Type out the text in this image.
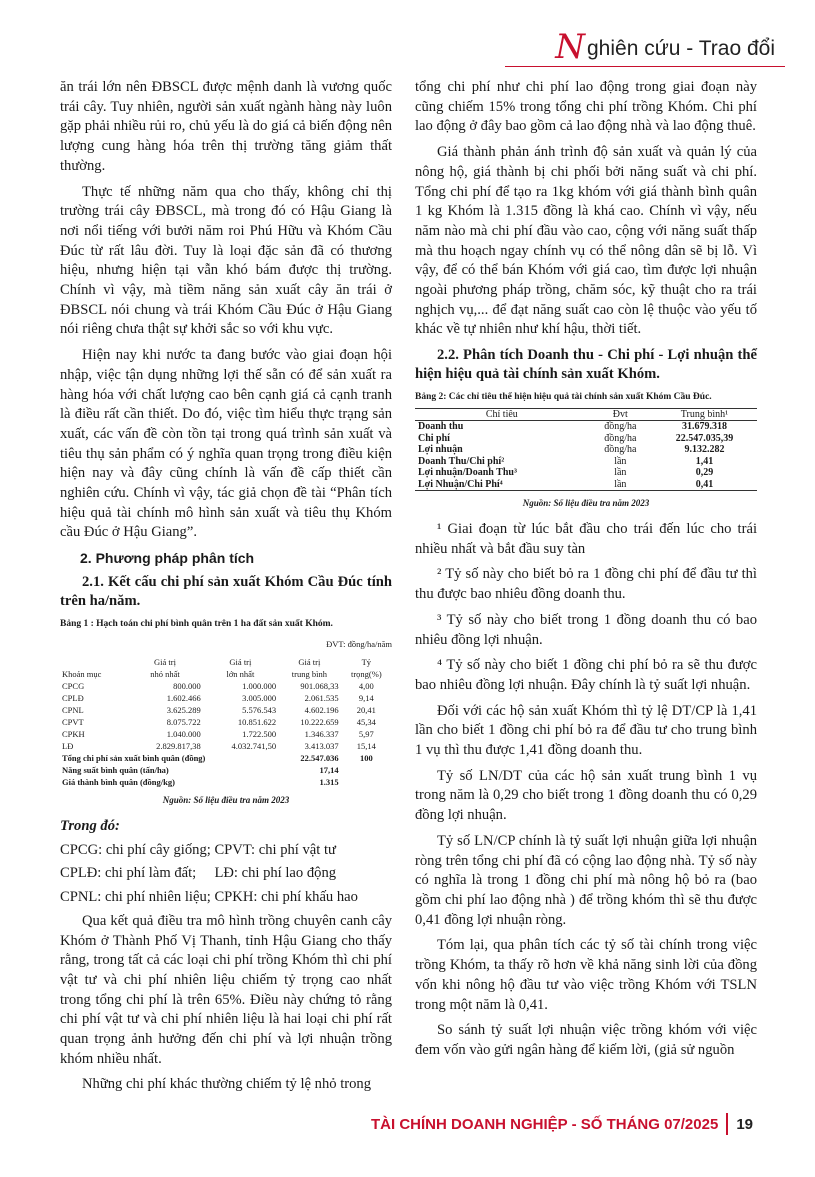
N ghiên cứu - Trao đổi

ăn trái lớn nên ĐBSCL được mệnh danh là vương quốc trái cây. Tuy nhiên, người sản xuất ngành hàng này luôn gặp phải nhiều rủi ro, chủ yếu là do giá cả biến động nên lượng cung hàng hóa trên thị trường tăng giảm thất thường.

Thực tế những năm qua cho thấy, không chỉ thị trường trái cây ĐBSCL, mà trong đó có Hậu Giang là nơi nổi tiếng với bưởi năm roi Phú Hữu và Khóm Cầu Đúc từ rất lâu đời. Tuy là loại đặc sản đã có thương hiệu, nhưng hiện tại vẫn khó bám được thị trường. Chính vì vậy, mà tiềm năng sản xuất cây ăn trái ở ĐBSCL nói chung và trái Khóm Cầu Đúc ở Hậu Giang nói riêng chưa thật sự khởi sắc so với khu vực.

Hiện nay khi nước ta đang bước vào giai đoạn hội nhập, việc tận dụng những lợi thế sẵn có để sản xuất ra hàng hóa với chất lượng cao bên cạnh giá cả cạnh tranh là điều rất cần thiết. Do đó, việc tìm hiểu thực trạng sản xuất, các vấn đề còn tồn tại trong quá trình sản xuất và tiêu thụ sản phẩm có ý nghĩa quan trọng trong điều kiện hiện nay và đây cũng chính là vấn đề cấp thiết cần nghiên cứu. Chính vì vậy, tác giả chọn đề tài “Phân tích hiệu quả tài chính mô hình sản xuất và tiêu thụ Khóm cầu Đúc ở Hậu Giang”.

2. Phương pháp phân tích
2.1. Kết cấu chi phí sản xuất Khóm Cầu Đúc tính trên ha/năm.
Bảng 1 : Hạch toán chi phí bình quân trên 1 ha đất sản xuất Khóm.
ĐVT: đồng/ha/năm
	Giá trị	Giá trị	Giá trị	Tỷ
Khoản mục	nhỏ nhất	lớn nhất	trung bình	trọng(%)
CPCG	800.000	1.000.000	901.068,33	4,00
CPLĐ	1.602.466	3.005.000	2.061.535	9,14
CPNL	3.625.289	5.576.543	4.602.196	20,41
CPVT	8.075.722	10.851.622	10.222.659	45,34
CPKH	1.040.000	1.722.500	1.346.337	5,97
LĐ	2.829.817,38	4.032.741,50	3.413.037	15,14
Tổng chi phí sản xuất bình quân (đồng)			22.547.036	100
Năng suất bình quân (tấn/ha)			17,14	
Giá thành bình quân (đồng/kg)			1.315	
Nguồn: Số liệu điều tra năm 2023
Trong đó:
CPCG: chi phí cây giống; CPVT: chi phí vật tư
CPLĐ: chi phí làm đất;     LĐ: chi phí lao động
CPNL: chi phí nhiên liệu; CPKH: chi phí khấu hao

Qua kết quả điều tra mô hình trồng chuyên canh cây Khóm ở Thành Phố Vị Thanh, tỉnh Hậu Giang cho thấy rằng, trong tất cả các loại chi phí trồng Khóm thì chi phí vật tư và chi phí nhiên liệu chiếm tỷ trọng cao nhất trong tổng chi phí là trên 65%. Điều này chứng tỏ rằng chi phí vật tư và chi phí nhiên liệu là hai loại chi phí rất quan trọng ảnh hưởng đến chi phí và lợi nhuận trồng khóm nhiều nhất.

Những chi phí khác thường chiếm tỷ lệ nhỏ trong

tổng chi phí như chi phí lao động trong giai đoạn này cũng chiếm 15% trong tổng chi phí trồng Khóm. Chi phí lao động ở đây bao gồm cả lao động nhà và lao động thuê.

Giá thành phản ánh trình độ sản xuất và quản lý của nông hộ, giá thành bị chi phối bởi năng suất và chi phí. Tổng chi phí để tạo ra 1kg khóm với giá thành bình quân 1 kg Khóm là 1.315 đồng là khá cao. Chính vì vậy, nếu năm nào mà chi phí đầu vào cao, cộng với năng suất thấp mà thu hoạch ngay chính vụ có thể nông dân sẽ bị lỗ. Vì vậy, để có thể bán Khóm với giá cao, tìm được lợi nhuận ngoài phương pháp trồng, chăm sóc, kỹ thuật cho ra trái nghịch vụ,... để đạt năng suất cao còn lệ thuộc vào yếu tố khác về tự nhiên như khí hậu, thời tiết.

2.2. Phân tích Doanh thu - Chi phí - Lợi nhuận thể hiện hiệu quả tài chính sản xuất Khóm.
Bảng 2: Các chỉ tiêu thể hiện hiệu quả tài chính sản xuất Khóm Cầu Đúc.
Chỉ tiêu	Đvt	Trung bình¹
Doanh thu	đồng/ha	31.679.318
Chi phí	đồng/ha	22.547.035,39
Lợi nhuận	đồng/ha	9.132.282
Doanh Thu/Chi phí²	lần	1,41
Lợi nhuận/Doanh Thu³	lần	0,29
Lợi Nhuận/Chi Phí⁴	lần	0,41
Nguồn: Số liệu điều tra năm 2023
¹ Giai đoạn từ lúc bắt đầu cho trái đến lúc cho trái nhiều nhất và bắt đầu suy tàn
² Tỷ số này cho biết bỏ ra 1 đồng chi phí để đầu tư thì thu được bao nhiêu đồng doanh thu.
³ Tỷ số này cho biết trong 1 đồng doanh thu có bao nhiêu đồng lợi nhuận.
⁴ Tỷ số này cho biết 1 đồng chi phí bỏ ra sẽ thu được bao nhiêu đồng lợi nhuận. Đây chính là tỷ suất lợi nhuận.

Đối với các hộ sản xuất Khóm thì tỷ lệ DT/CP là 1,41 lần cho biết 1 đồng chi phí bỏ ra để đầu tư cho trung bình 1 vụ thì thu được 1,41 đồng doanh thu.

Tỷ số LN/DT của các hộ sản xuất trung bình 1 vụ trong năm là 0,29 cho biết trong 1 đồng doanh thu có 0,29 đồng lợi nhuận.

Tỷ số LN/CP chính là tỷ suất lợi nhuận giữa lợi nhuận ròng trên tổng chi phí đã có cộng lao động nhà. Tỷ số này có nghĩa là trong 1 đồng chi phí mà nông hộ bỏ ra (bao gồm chi phí lao động nhà ) để trồng khóm thì sẽ thu được 0,41 đồng lợi nhuận ròng.

Tóm lại, qua phân tích các tỷ số tài chính trong việc trồng Khóm, ta thấy rõ hơn về khả năng sinh lời của đồng vốn khi nông hộ đầu tư vào việc trồng Khóm với TSLN trong một năm là 0,41.

So sánh tỷ suất lợi nhuận việc trồng khóm với việc đem vốn vào gửi ngân hàng để kiếm lời, (giả sử nguồn

TÀI CHÍNH DOANH NGHIỆP - SỐ THÁNG 07/2025 19
